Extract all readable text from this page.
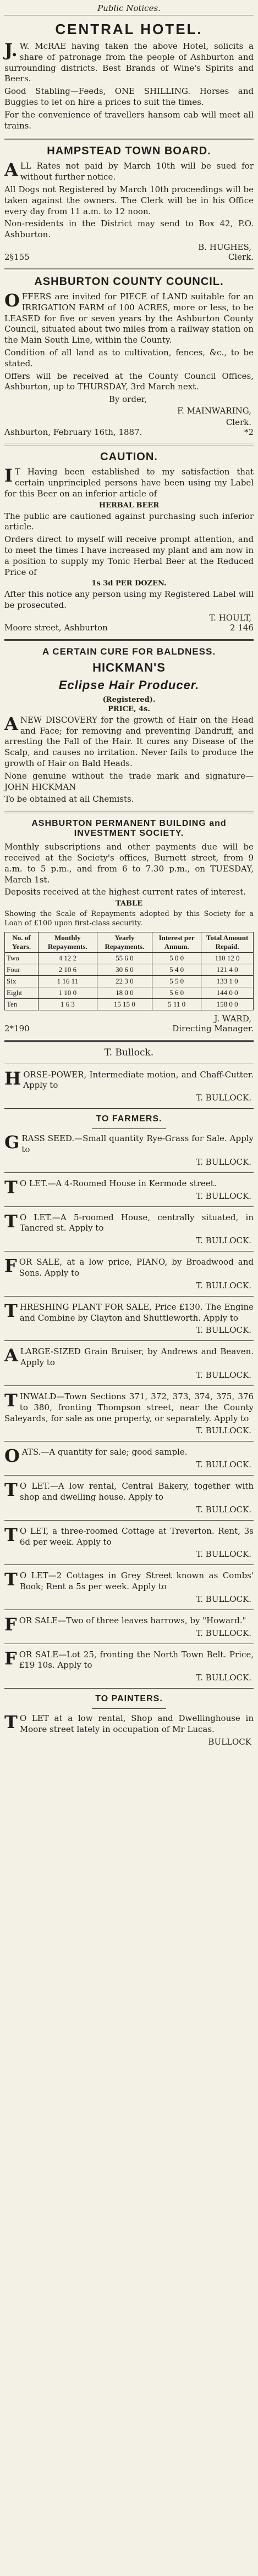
Public Notices.
CENTRAL HOTEL.

J.W. McRAE having taken the above Hotel, solicits a share of patronage from the people of Ashburton and surrounding districts. Best Brands of Wine's Spirits and Beers.

Good Stabling—Feeds, ONE SHILLING. Horses and Buggies to let on hire a prices to suit the times.

For the convenience of travellers hansom cab will meet all trains.

HAMPSTEAD TOWN BOARD.

ALL Rates not paid by March 10th will be sued for without further notice.

All Dogs not Registered by March 10th proceedings will be taken against the owners. The Clerk will be in his Office every day from 11 a.m. to 12 noon.

Non-residents in the District may send to Box 42, P.O. Ashburton.

B. HUGHES,
2§155	Clerk.
ASHBURTON COUNTY COUNCIL.

OFFERS are invited for PIECE of LAND suitable for an IRRIGATION FARM of 100 ACRES, more or less, to be LEASED for five or seven years by the Ashburton County Council, situated about two miles from a railway station on the Main South Line, within the County.

Condition of all land as to cultivation, fences, &c., to be stated.

Offers will be received at the County Council Offices, Ashburton, up to THURSDAY, 3rd March next.

By order,
F. MAINWARING,
Clerk.
Ashburton, February 16th, 1887.	*2
CAUTION.

IT Having been established to my satisfaction that certain unprincipled persons have been using my Label for this Beer on an inferior article of

HERBAL BEER

The public are cautioned against purchasing such inferior article.

Orders direct to myself will receive prompt attention, and to meet the times I have increased my plant and am now in a position to supply my Tonic Herbal Beer at the Reduced Price of

1s 3d PER DOZEN.

After this notice any person using my Registered Label will be prosecuted.

T. HOULT,
Moore street, Ashburton	2 146
A CERTAIN CURE FOR BALDNESS.
HICKMAN'S
Eclipse Hair Producer.
(Registered).
PRICE, 4s.

ANEW DISCOVERY for the growth of Hair on the Head and Face; for removing and preventing Dandruff, and arresting the Fall of the Hair. It cures any Disease of the Scalp, and causes no irritation. Never fails to produce the growth of Hair on Bald Heads.

None genuine without the trade mark and signature—JOHN HICKMAN

To be obtained at all Chemists.

ASHBURTON PERMANENT BUILDING and INVESTMENT SOCIETY.

Monthly subscriptions and other payments due will be received at the Society's offices, Burnett street, from 9 a.m. to 5 p.m., and from 6 to 7.30 p.m., on TUESDAY, March 1st.

Deposits received at the highest current rates of interest.

TABLE

Showing the Scale of Repayments adopted by this Society for a Loan of £100 upon first-class security.

No. of Years.	Monthly Repayments.	Yearly Repayments.	Interest per Annum.	Total Amount Repaid.
Two	4 12 2	55 6 0	5 0 0	110 12 0
Four	2 10 6	30 6 0	5 4 0	121 4 0
Six	1 16 11	22 3 0	5 5 0	133 1 0
Eight	1 10 0	18 0 0	5 6 0	144 0 0
Ten	1 6 3	15 15 0	5 11 0	158 0 0
J. WARD,
2*190	Directing Manager.
T. Bullock.

HORSE-POWER, Intermediate motion, and Chaff-Cutter. Apply to

T. BULLOCK.
TO FARMERS.

GRASS SEED.—Small quantity Rye-Grass for Sale. Apply to

T. BULLOCK.

TO LET.—A 4-Roomed House in Kermode street.

T. BULLOCK.

TO LET.—A 5-roomed House, centrally situated, in Tancred st. Apply to

T. BULLOCK.

FOR SALE, at a low price, PIANO, by Broadwood and Sons. Apply to

T. BULLOCK.

THRESHING PLANT FOR SALE, Price £130. The Engine and Combine by Clayton and Shuttleworth. Apply to

T. BULLOCK.

ALARGE-SIZED Grain Bruiser, by Andrews and Beaven. Apply to

T. BULLOCK.

TINWALD—Town Sections 371, 372, 373, 374, 375, 376 to 380, fronting Thompson street, near the County Saleyards, for sale as one property, or separately. Apply to

T. BULLOCK.

OATS.—A quantity for sale; good sample.

T. BULLOCK.

TO LET.—A low rental, Central Bakery, together with shop and dwelling house. Apply to

T. BULLOCK.

TO LET, a three-roomed Cottage at Treverton. Rent, 3s 6d per week. Apply to

T. BULLOCK.

TO LET—2 Cottages in Grey Street known as Combs' Book; Rent a 5s per week. Apply to

T. BULLOCK.

FOR SALE—Two of three leaves harrows, by "Howard."

T. BULLOCK.

FOR SALE—Lot 25, fronting the North Town Belt. Price, £19 10s. Apply to

T. BULLOCK.
TO PAINTERS.

TO LET at a low rental, Shop and Dwellinghouse in Moore street lately in occupation of Mr Lucas.

BULLOCK
